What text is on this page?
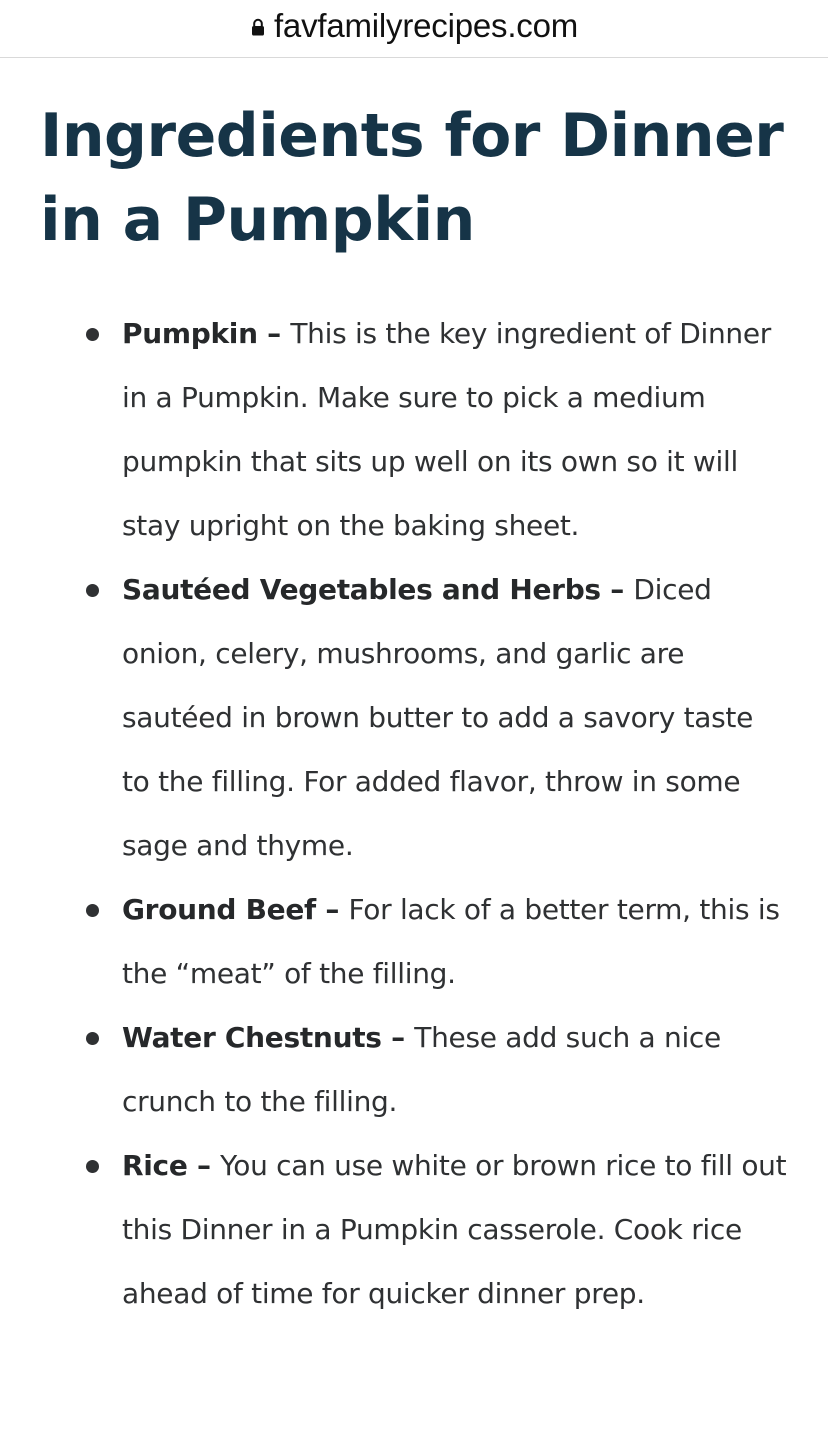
favfamilyrecipes.com
Ingredients for Dinner in a Pumpkin
Pumpkin – This is the key ingredient of Dinner in a Pumpkin. Make sure to pick a medium pumpkin that sits up well on its own so it will stay upright on the baking sheet.
Sautéed Vegetables and Herbs – Diced onion, celery, mushrooms, and garlic are sautéed in brown butter to add a savory taste to the filling. For added flavor, throw in some sage and thyme.
Ground Beef – For lack of a better term, this is the “meat” of the filling.
Water Chestnuts – These add such a nice crunch to the filling.
Rice – You can use white or brown rice to fill out this Dinner in a Pumpkin casserole. Cook rice ahead of time for quicker dinner prep.
